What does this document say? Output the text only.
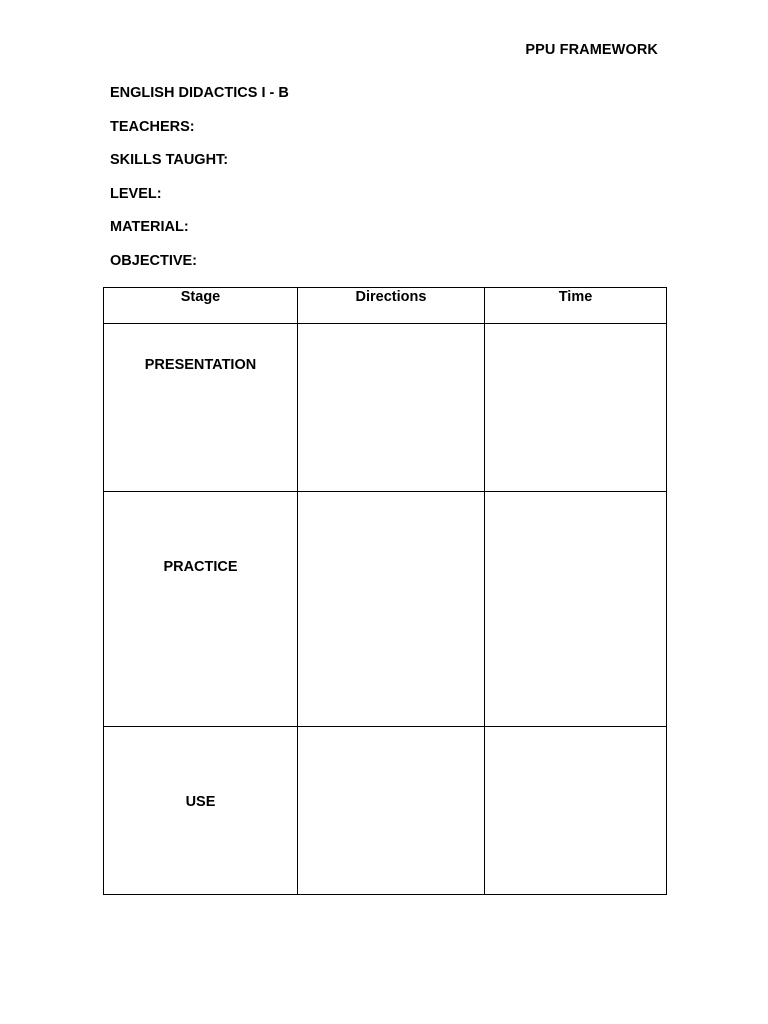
PPU FRAMEWORK
ENGLISH DIDACTICS I - B
TEACHERS:
SKILLS TAUGHT:
LEVEL:
MATERIAL:
OBJECTIVE:
Stage	Directions	Time

PRESENTATION		

PRACTICE		

USE		
